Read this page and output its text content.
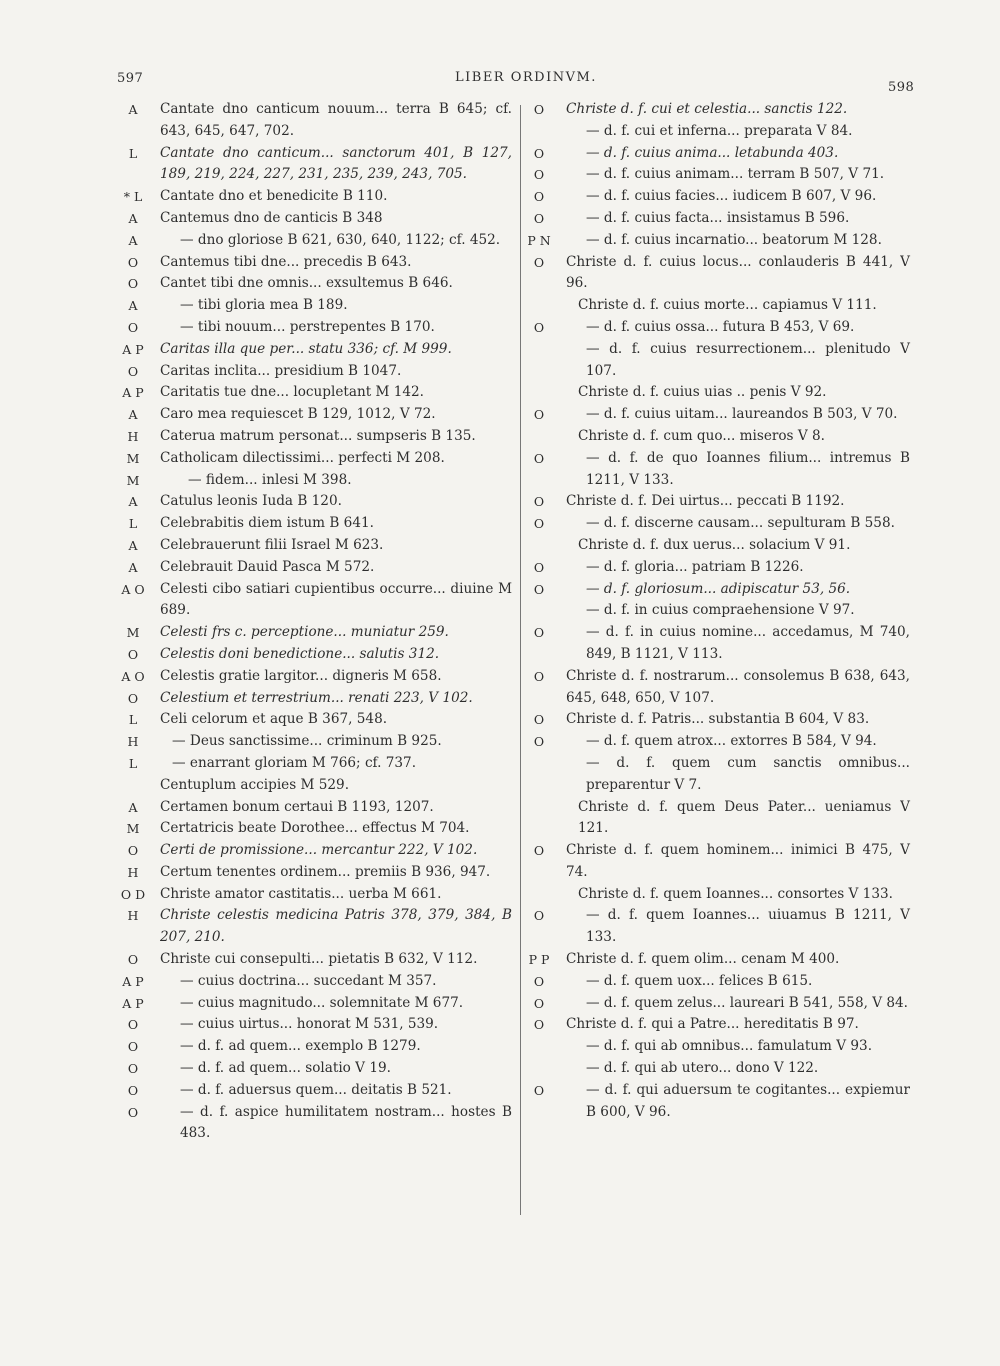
597	LIBER ORDINVM.
598
A	Cantate dno canticum nouum... terra B 645; cf. 643, 645, 647, 702.
L	Cantate dno canticum... sanctorum 401, B 127, 189, 219, 224, 227, 231, 235, 239, 243, 705.
* L	Cantate dno et benedicite B 110.
A	Cantemus dno de canticis B 348
A	— dno gloriose B 621, 630, 640, 1122; cf. 452.
O	Cantemus tibi dne... precedis B 643.
O	Cantet tibi dne omnis... exsultemus B 646.
A	— tibi gloria mea B 189.
O	— tibi nouum... perstrepentes B 170.
A P	Caritas illa que per... statu 336; cf. M 999.
O	Caritas inclita... presidium B 1047.
A P	Caritatis tue dne... locupletant M 142.
A	Caro mea requiescet B 129, 1012, V 72.
H	Caterua matrum personat... sumpseris B 135.
M	Catholicam dilectissimi... perfecti M 208.
M	— fidem... inlesi M 398.
A	Catulus leonis Iuda B 120.
L	Celebrabitis diem istum B 641.
A	Celebrauerunt filii Israel M 623.
A	Celebrauit Dauid Pasca M 572.
A O	Celesti cibo satiari cupientibus occurre... diuine M 689.
M	Celesti frs c. perceptione... muniatur 259.
O	Celestis doni benedictione... salutis 312.
A O	Celestis gratie largitor... digneris M 658.
O	Celestium et terrestrium... renati 223, V 102.
L	Celi celorum et aque B 367, 548.
H	— Deus sanctissime... criminum B 925.
L	— enarrant gloriam M 766; cf. 737.
Centuplum accipies M 529.
A	Certamen bonum certaui B 1193, 1207.
M	Certatricis beate Dorothee... effectus M 704.
O	Certi de promissione... mercantur 222, V 102.
H	Certum tenentes ordinem... premiis B 936, 947.
O D	Christe amator castitatis... uerba M 661.
H	Christe celestis medicina Patris 378, 379, 384, B 207, 210.
O	Christe cui consepulti... pietatis B 632, V 112.
A P	— cuius doctrina... succedant M 357.
A P	— cuius magnitudo... solemnitate M 677.
O	— cuius uirtus... honorat M 531, 539.
O	— d. f. ad quem... exemplo B 1279.
O	— d. f. ad quem... solatio V 19.
O	— d. f. aduersus quem... deitatis B 521.
O	— d. f. aspice humilitatem nostram... hostes B 483.
O	Christe d. f. cui et celestia... sanctis 122.
— d. f. cui et inferna... preparata V 84.
O	— d. f. cuius anima... letabunda 403.
O	— d. f. cuius animam... terram B 507, V 71.
O	— d. f. cuius facies... iudicem B 607, V 96.
O	— d. f. cuius facta... insistamus B 596.
P N	— d. f. cuius incarnatio... beatorum M 128.
O	Christe d. f. cuius locus... conlauderis B 441, V 96.
Christe d. f. cuius morte... capiamus V 111.
O	— d. f. cuius ossa... futura B 453, V 69.
— d. f. cuius resurrectionem... plenitudo V 107.
Christe d. f. cuius uias .. penis V 92.
O	— d. f. cuius uitam... laureandos B 503, V 70.
Christe d. f. cum quo... miseros V 8.
O	— d. f. de quo Ioannes filium... intremus B 1211, V 133.
O	Christe d. f. Dei uirtus... peccati B 1192.
O	— d. f. discerne causam... sepulturam B 558.
Christe d. f. dux uerus... solacium V 91.
O	— d. f. gloria... patriam B 1226.
O	— d. f. gloriosum... adipiscatur 53, 56.
— d. f. in cuius compraehensione V 97.
O	— d. f. in cuius nomine... accedamus, M 740, 849, B 1121, V 113.
O	Christe d. f. nostrarum... consolemus B 638, 643, 645, 648, 650, V 107.
O	Christe d. f. Patris... substantia B 604, V 83.
O	— d. f. quem atrox... extorres B 584, V 94.
— d. f. quem cum sanctis omnibus... preparentur V 7.
Christe d. f. quem Deus Pater... ueniamus V 121.
O	Christe d. f. quem hominem... inimici B 475, V 74.
Christe d. f. quem Ioannes... consortes V 133.
O	— d. f. quem Ioannes... uiuamus B 1211, V 133.
P P	Christe d. f. quem olim... cenam M 400.
O	— d. f. quem uox... felices B 615.
O	— d. f. quem zelus... laureari B 541, 558, V 84.
O	Christe d. f. qui a Patre... hereditatis B 97.
— d. f. qui ab omnibus... famulatum V 93.
— d. f. qui ab utero... dono V 122.
O	— d. f. qui aduersum te cogitantes... expiemur B 600, V 96.
